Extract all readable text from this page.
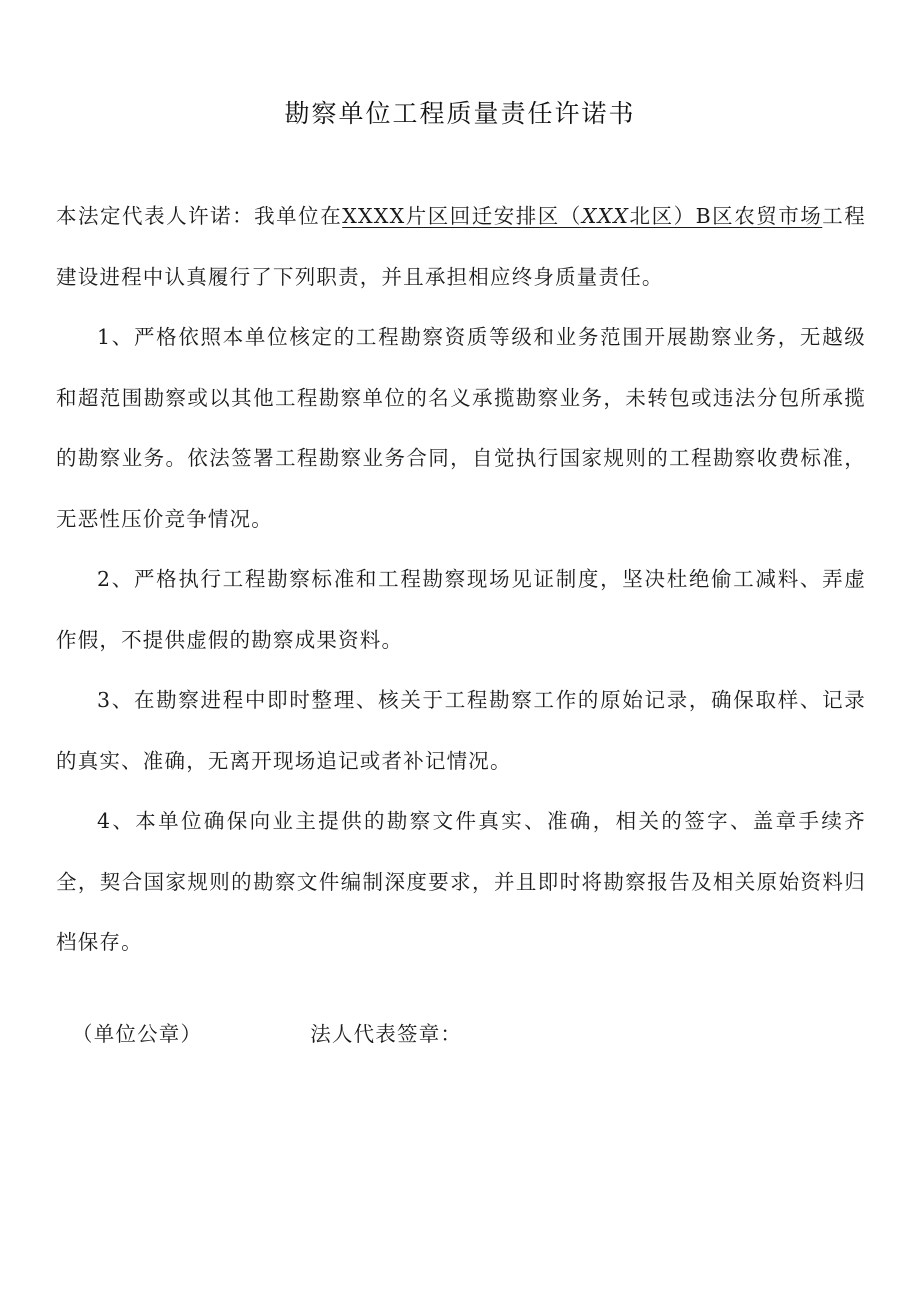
勘察单位工程质量责任许诺书

本法定代表人许诺：我单位在XXXX片区回迁安排区（XXX北区）B区农贸市场工程建设进程中认真履行了下列职责，并且承担相应终身质量责任。

1、严格依照本单位核定的工程勘察资质等级和业务范围开展勘察业务，无越级和超范围勘察或以其他工程勘察单位的名义承揽勘察业务，未转包或违法分包所承揽的勘察业务。依法签署工程勘察业务合同，自觉执行国家规则的工程勘察收费标准，无恶性压价竞争情况。

2、严格执行工程勘察标准和工程勘察现场见证制度，坚决杜绝偷工减料、弄虚作假，不提供虚假的勘察成果资料。

3、在勘察进程中即时整理、核关于工程勘察工作的原始记录，确保取样、记录的真实、准确，无离开现场追记或者补记情况。

4、本单位确保向业主提供的勘察文件真实、准确，相关的签字、盖章手续齐全，契合国家规则的勘察文件编制深度要求，并且即时将勘察报告及相关原始资料归档保存。

（单位公章）	法人代表签章：
